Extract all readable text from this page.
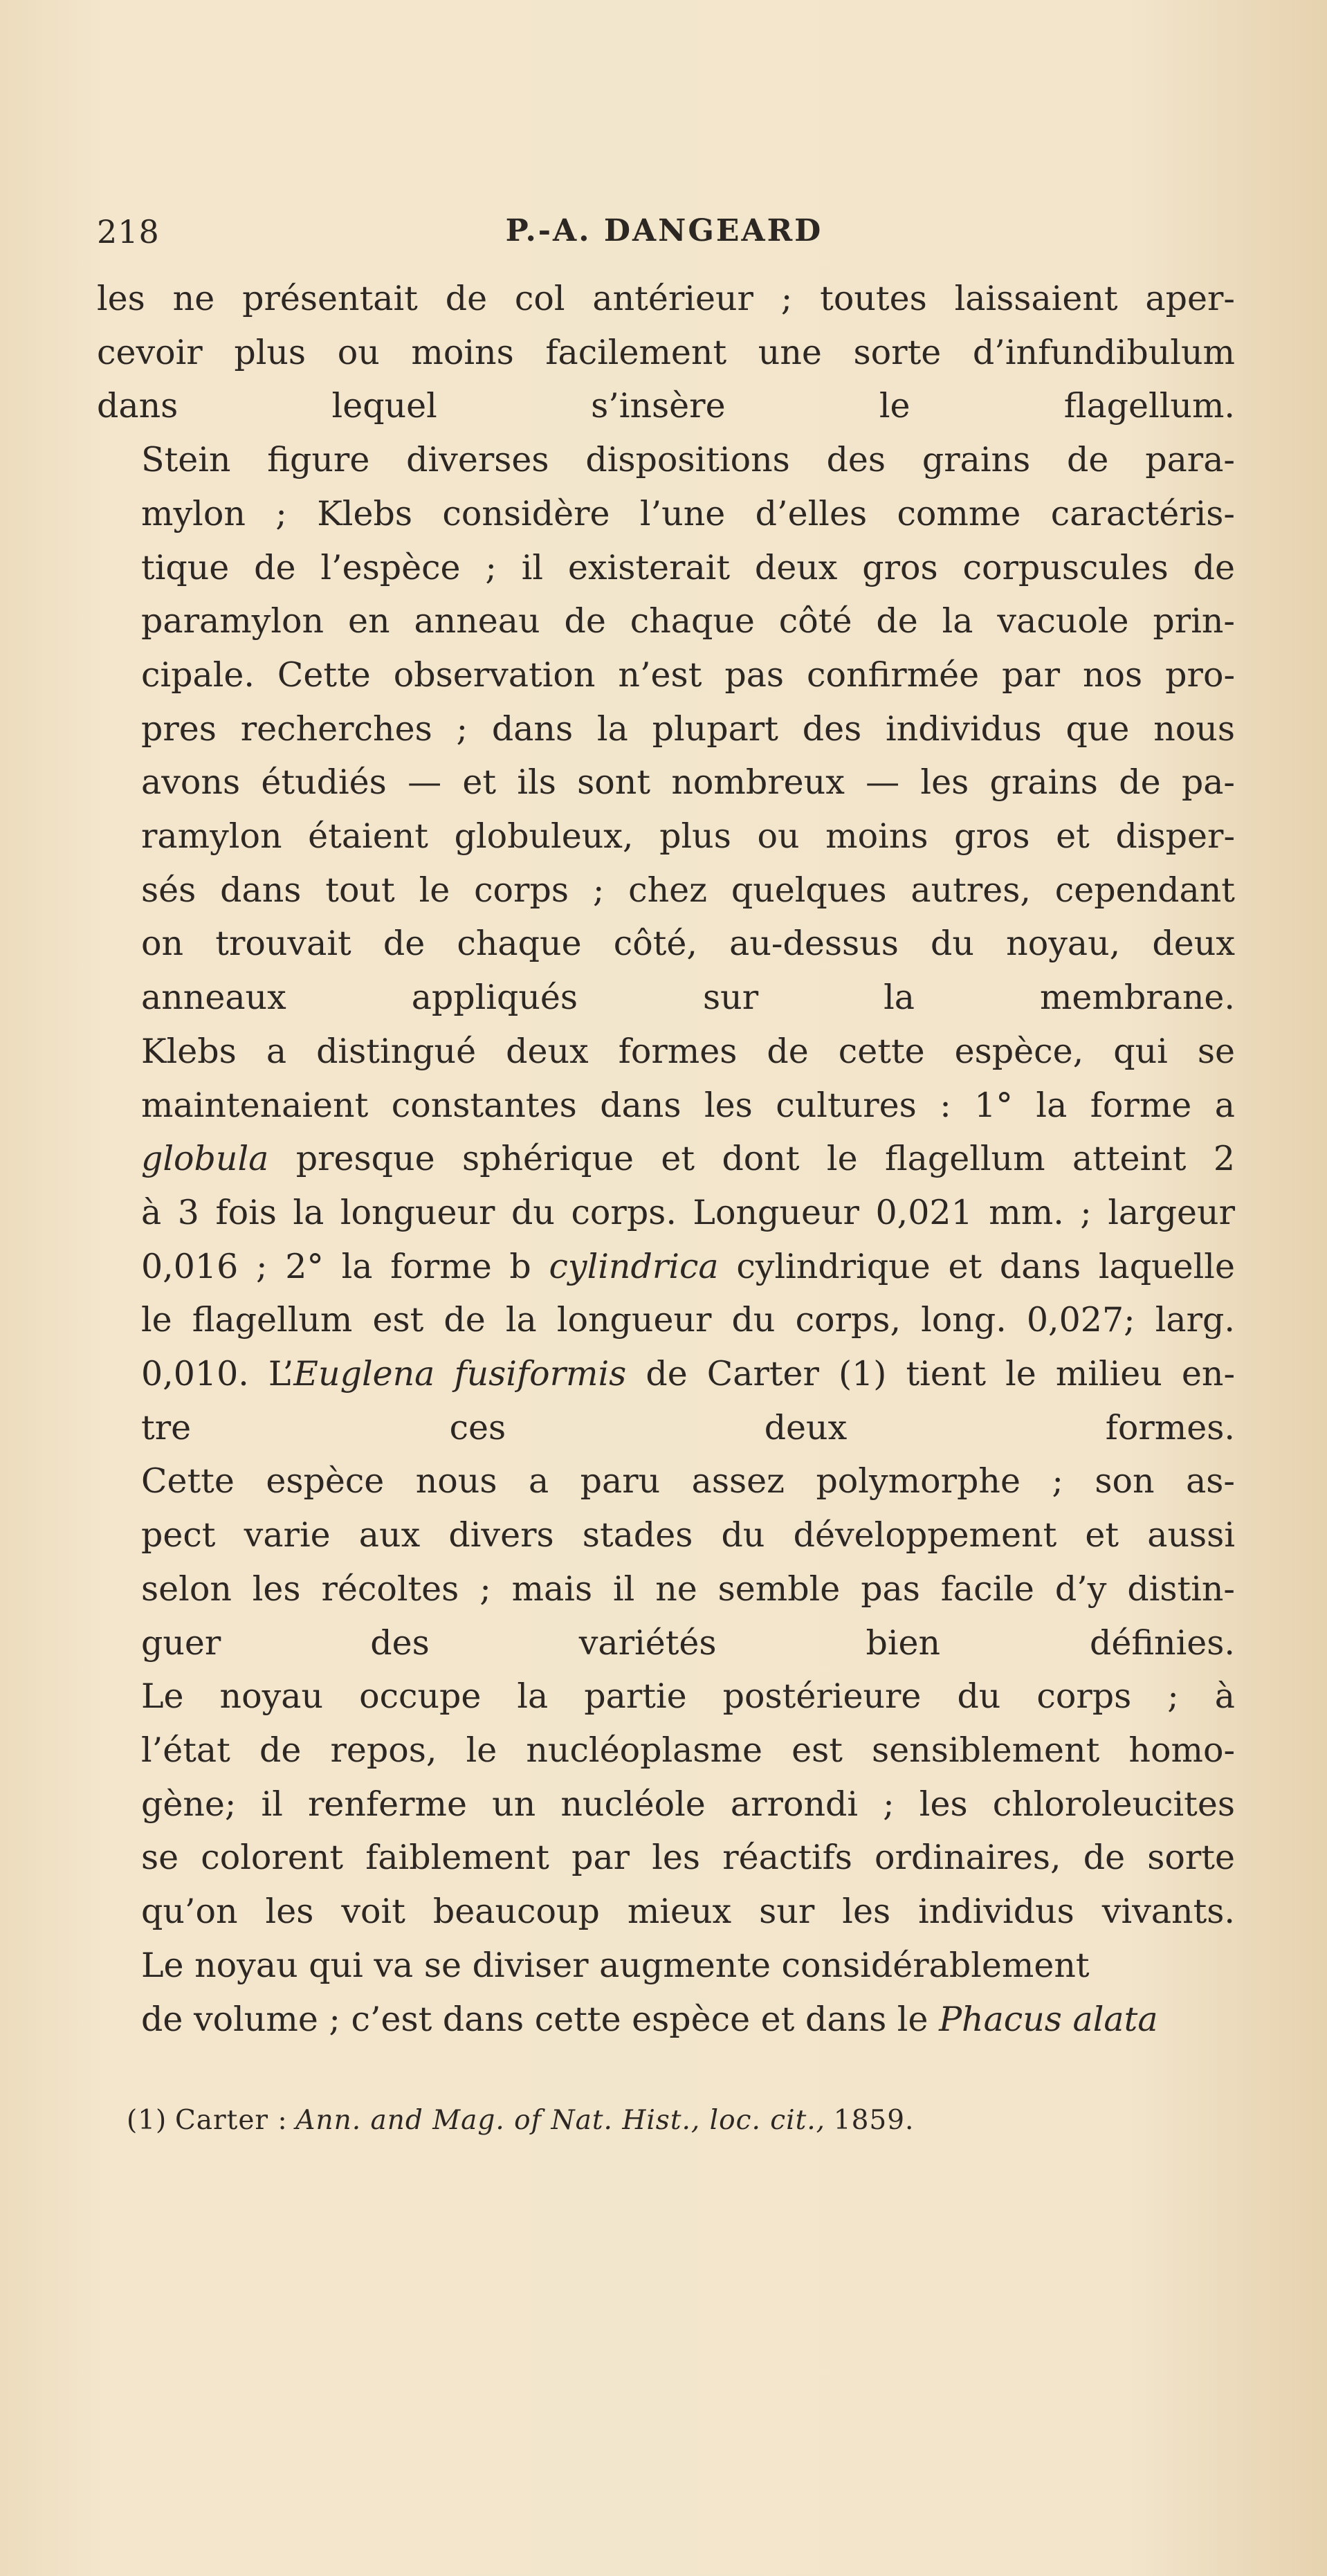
218	P.-A. DANGEARD

les ne présentait de col antérieur ; toutes laissaient aper-
cevoir plus ou moins facilement une sorte d’infundibulum
dans lequel s’insère le flagellum.

Stein figure diverses dispositions des grains de para-
mylon ; Klebs considère l’une d’elles comme caractéris-
tique de l’espèce ; il existerait deux gros corpuscules de
paramylon en anneau de chaque côté de la vacuole prin-
cipale. Cette observation n’est pas confirmée par nos pro-
pres recherches ; dans la plupart des individus que nous
avons étudiés — et ils sont nombreux — les grains de pa-
ramylon étaient globuleux, plus ou moins gros et disper-
sés dans tout le corps ; chez quelques autres, cependant
on trouvait de chaque côté, au-dessus du noyau, deux
anneaux appliqués sur la membrane.

Klebs a distingué deux formes de cette espèce, qui se
maintenaient constantes dans les cultures : 1° la forme a
globula presque sphérique et dont le flagellum atteint 2
à 3 fois la longueur du corps. Longueur 0,021 mm. ; largeur
0,016 ; 2° la forme b cylindrica cylindrique et dans laquelle
le flagellum est de la longueur du corps, long. 0,027; larg.
0,010. L’Euglena fusiformis de Carter (1) tient le milieu en-
tre ces deux formes.

Cette espèce nous a paru assez polymorphe ; son as-
pect varie aux divers stades du développement et aussi
selon les récoltes ; mais il ne semble pas facile d’y distin-
guer des variétés bien définies.

Le noyau occupe la partie postérieure du corps ; à
l’état de repos, le nucléoplasme est sensiblement homo-
gène; il renferme un nucléole arrondi ; les chloroleucites
se colorent faiblement par les réactifs ordinaires, de sorte
qu’on les voit beaucoup mieux sur les individus vivants.

Le noyau qui va se diviser augmente considérablement
de volume ; c’est dans cette espèce et dans le Phacus alata

(1) Carter : Ann. and Mag. of Nat. Hist., loc. cit., 1859.
